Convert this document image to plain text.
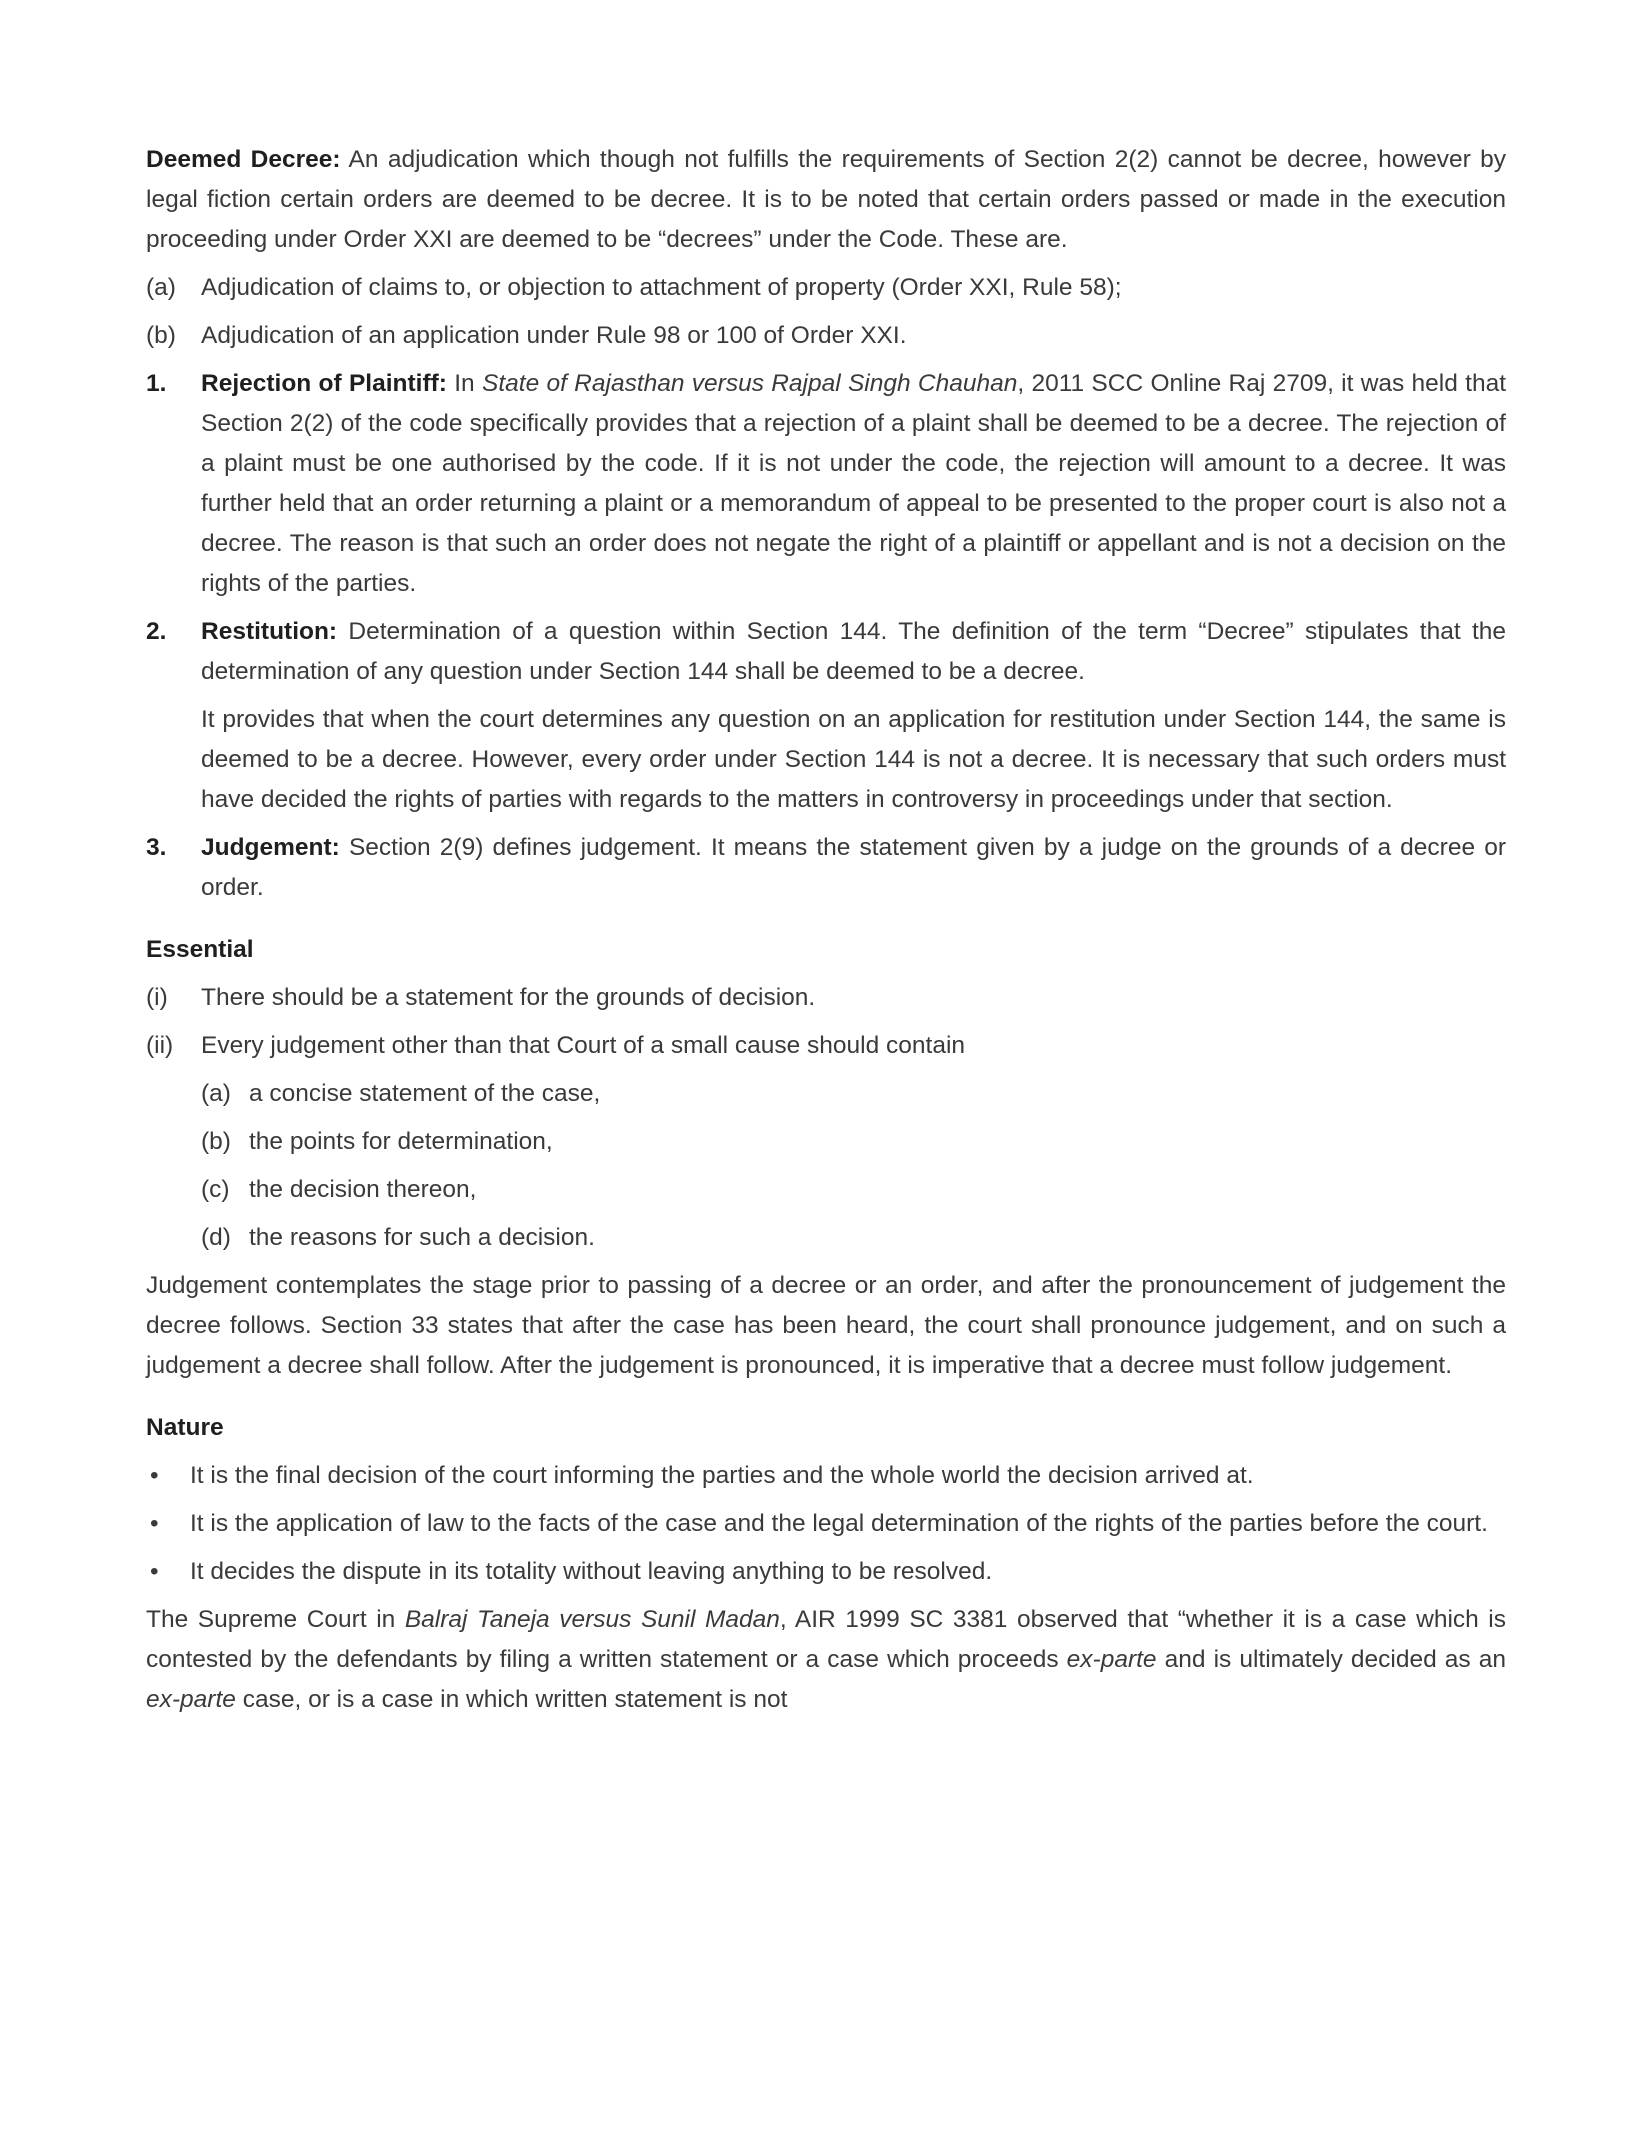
Deemed Decree: An adjudication which though not fulfills the requirements of Section 2(2) cannot be decree, however by legal fiction certain orders are deemed to be decree. It is to be noted that certain orders passed or made in the execution proceeding under Order XXI are deemed to be “decrees” under the Code. These are.

(a)	Adjudication of claims to, or objection to attachment of property (Order XXI, Rule 58);
(b)	Adjudication of an application under Rule 98 or 100 of Order XXI.
1.	Rejection of Plaintiff: In State of Rajasthan versus Rajpal Singh Chauhan, 2011 SCC Online Raj 2709, it was held that Section 2(2) of the code specifically provides that a rejection of a plaint shall be deemed to be a decree. The rejection of a plaint must be one authorised by the code. If it is not under the code, the rejection will amount to a decree. It was further held that an order returning a plaint or a memorandum of appeal to be presented to the proper court is also not a decree. The reason is that such an order does not negate the right of a plaintiff or appellant and is not a decision on the rights of the parties.
2.	Restitution: Determination of a question within Section 144. The definition of the term “Decree” stipulates that the determination of any question under Section 144 shall be deemed to be a decree.

It provides that when the court determines any question on an application for restitution under Section 144, the same is deemed to be a decree. However, every order under Section 144 is not a decree. It is necessary that such orders must have decided the rights of parties with regards to the matters in controversy in proceedings under that section.

3.	Judgement: Section 2(9) defines judgement. It means the statement given by a judge on the grounds of a decree or order.
Essential
(i)	There should be a statement for the grounds of decision.
(ii)	Every judgement other than that Court of a small cause should contain
(a) a concise statement of the case,
(b) the points for determination,
(c) the decision thereon,
(d) the reasons for such a decision.

Judgement contemplates the stage prior to passing of a decree or an order, and after the pronouncement of judgement the decree follows. Section 33 states that after the case has been heard, the court shall pronounce judgement, and on such a judgement a decree shall follow. After the judgement is pronounced, it is imperative that a decree must follow judgement.

Nature
•	It is the final decision of the court informing the parties and the whole world the decision arrived at.
•	It is the application of law to the facts of the case and the legal determination of the rights of the parties before the court.
•	It decides the dispute in its totality without leaving anything to be resolved.

The Supreme Court in Balraj Taneja versus Sunil Madan, AIR 1999 SC 3381 observed that “whether it is a case which is contested by the defendants by filing a written statement or a case which proceeds ex-parte and is ultimately decided as an ex-parte case, or is a case in which written statement is not
